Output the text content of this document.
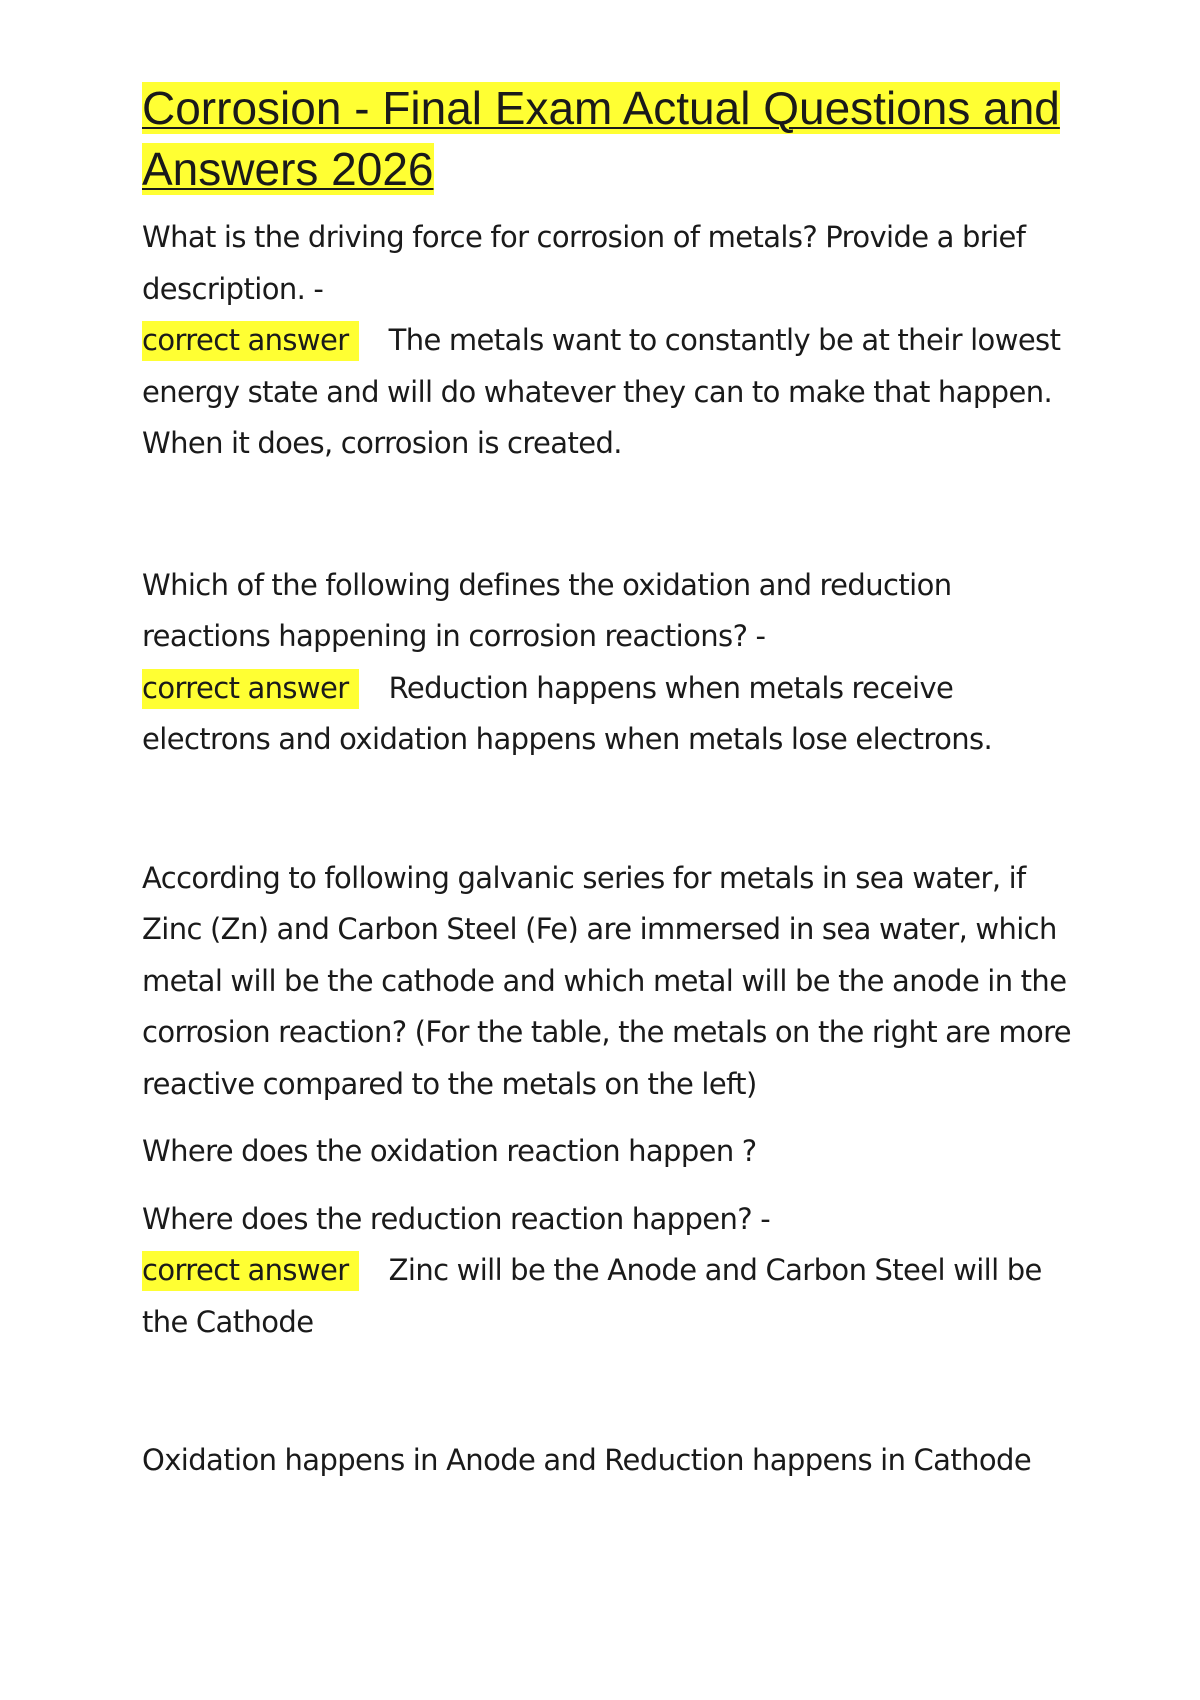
Corrosion - Final Exam Actual Questions and Answers 2026

What is the driving force for corrosion of metals? Provide a brief description. -

correct answer The metals want to constantly be at their lowest energy state and will do whatever they can to make that happen. When it does, corrosion is created.

Which of the following defines the oxidation and reduction reactions happening in corrosion reactions? -

correct answer Reduction happens when metals receive electrons and oxidation happens when metals lose electrons.

According to following galvanic series for metals in sea water, if Zinc (Zn) and Carbon Steel (Fe) are immersed in sea water, which metal will be the cathode and which metal will be the anode in the corrosion reaction? (For the table, the metals on the right are more reactive compared to the metals on the left)

Where does the oxidation reaction happen ?

Where does the reduction reaction happen? -

correct answer Zinc will be the Anode and Carbon Steel will be the Cathode

Oxidation happens in Anode and Reduction happens in Cathode
